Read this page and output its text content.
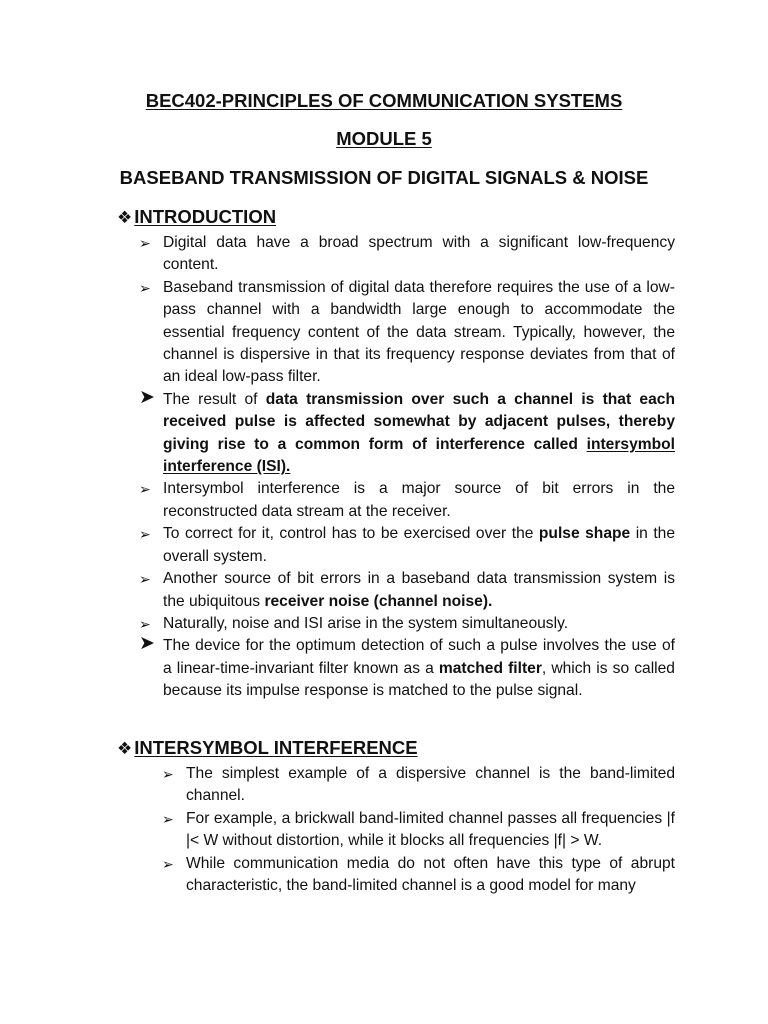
BEC402-PRINCIPLES OF COMMUNICATION SYSTEMS
MODULE 5
BASEBAND TRANSMISSION OF DIGITAL SIGNALS & NOISE
❖ INTRODUCTION
➢ Digital data have a broad spectrum with a significant low-frequency content.
➢ Baseband transmission of digital data therefore requires the use of a low-pass channel with a bandwidth large enough to accommodate the essential frequency content of the data stream. Typically, however, the channel is dispersive in that its frequency response deviates from that of an ideal low-pass filter.
➤ The result of data transmission over such a channel is that each received pulse is affected somewhat by adjacent pulses, thereby giving rise to a common form of interference called intersymbol interference (ISI).
➢ Intersymbol interference is a major source of bit errors in the reconstructed data stream at the receiver.
➢ To correct for it, control has to be exercised over the pulse shape in the overall system.
➢ Another source of bit errors in a baseband data transmission system is the ubiquitous receiver noise (channel noise).
➢ Naturally, noise and ISI arise in the system simultaneously.
➤ The device for the optimum detection of such a pulse involves the use of a linear-time-invariant filter known as a matched filter, which is so called because its impulse response is matched to the pulse signal.
❖ INTERSYMBOL INTERFERENCE
➢ The simplest example of a dispersive channel is the band-limited channel.
➢ For example, a brickwall band-limited channel passes all frequencies |f |< W without distortion, while it blocks all frequencies |f| > W.
➢ While communication media do not often have this type of abrupt characteristic, the band-limited channel is a good model for many
